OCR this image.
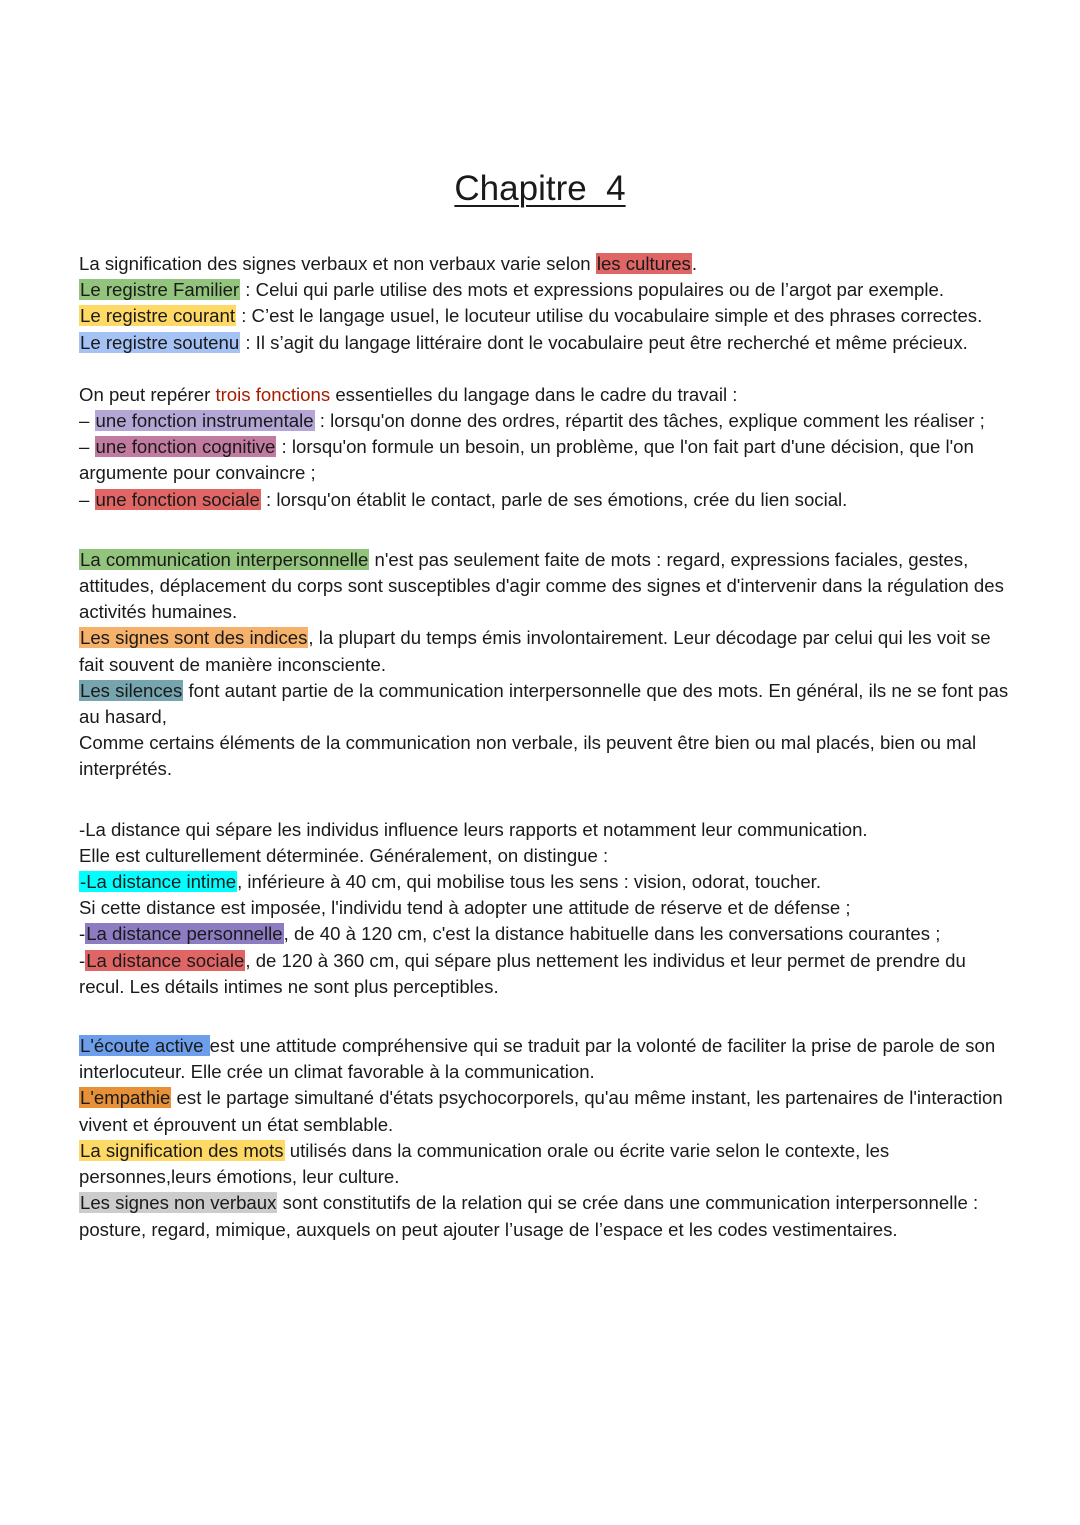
Chapitre  4

La signification des signes verbaux et non verbaux varie selon les cultures.

Le registre Familier : Celui qui parle utilise des mots et expressions populaires ou de l’argot par exemple.

Le registre courant : C’est le langage usuel, le locuteur utilise du vocabulaire simple et des phrases correctes.

Le registre soutenu : Il s’agit du langage littéraire dont le vocabulaire peut être recherché et même précieux.

On peut repérer trois fonctions essentielles du langage dans le cadre du travail :

– une fonction instrumentale : lorsqu'on donne des ordres, répartit des tâches, explique comment les réaliser ;

– une fonction cognitive : lorsqu'on formule un besoin, un problème, que l'on fait part d'une décision, que l'on argumente pour convaincre ;

– une fonction sociale : lorsqu'on établit le contact, parle de ses émotions, crée du lien social.

La communication interpersonnelle n'est pas seulement faite de mots : regard, expressions faciales, gestes, attitudes, déplacement du corps sont susceptibles d'agir comme des signes et d'intervenir dans la régulation des activités humaines.

Les signes sont des indices, la plupart du temps émis involontairement. Leur décodage par celui qui les voit se fait souvent de manière inconsciente.

Les silences font autant partie de la communication interpersonnelle que des mots. En général, ils ne se font pas au hasard,

Comme certains éléments de la communication non verbale, ils peuvent être bien ou mal placés, bien ou mal interprétés.

-La distance qui sépare les individus influence leurs rapports et notamment leur communication.

Elle est culturellement déterminée. Généralement, on distingue :

-La distance intime, inférieure à 40 cm, qui mobilise tous les sens : vision, odorat, toucher.

Si cette distance est imposée, l'individu tend à adopter une attitude de réserve et de défense ;

-La distance personnelle, de 40 à 120 cm, c'est la distance habituelle dans les conversations courantes ;

-La distance sociale, de 120 à 360 cm, qui sépare plus nettement les individus et leur permet de prendre du recul. Les détails intimes ne sont plus perceptibles.

L'écoute active est une attitude compréhensive qui se traduit par la volonté de faciliter la prise de parole de son interlocuteur. Elle crée un climat favorable à la communication.

L'empathie est le partage simultané d'états psychocorporels, qu'au même instant, les partenaires de l'interaction vivent et éprouvent un état semblable.

La signification des mots utilisés dans la communication orale ou écrite varie selon le contexte, les personnes,leurs émotions, leur culture.

Les signes non verbaux sont constitutifs de la relation qui se crée dans une communication interpersonnelle : posture, regard, mimique, auxquels on peut ajouter l’usage de l’espace et les codes vestimentaires.
